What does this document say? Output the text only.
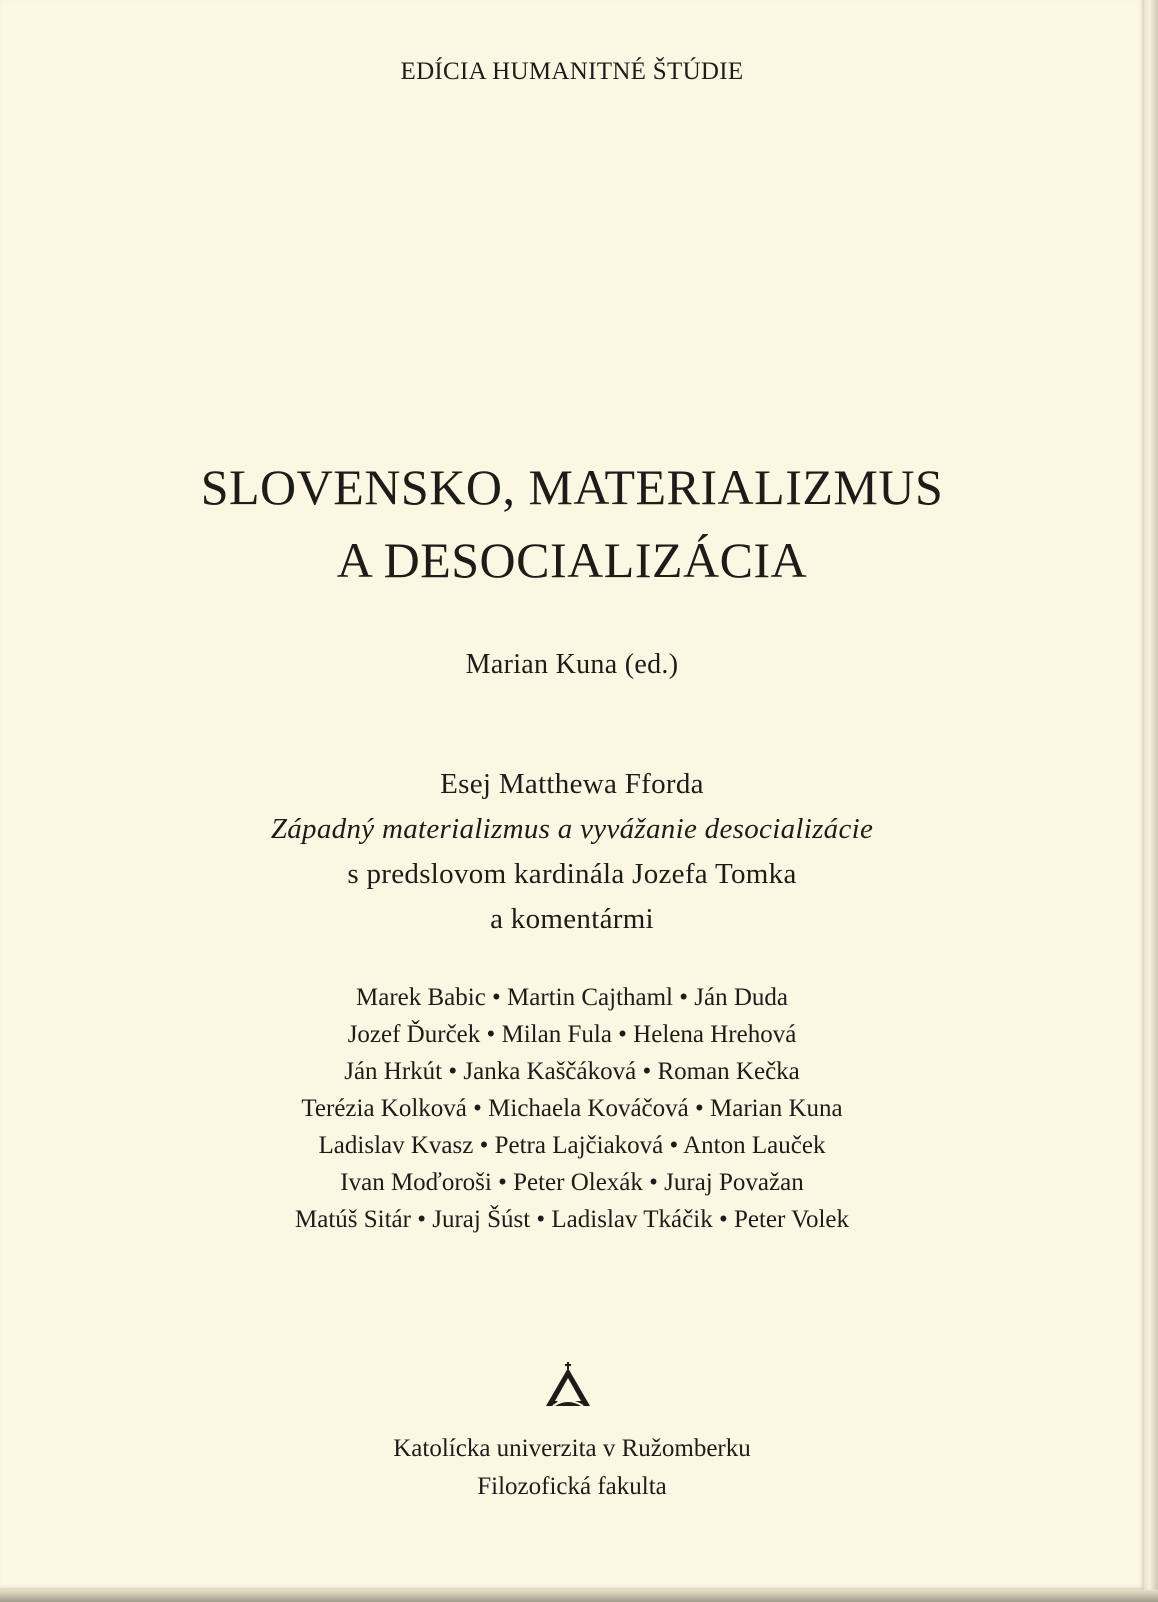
EDÍCIA HUMANITNÉ ŠTÚDIE
SLOVENSKO, MATERIALIZMUS
A DESOCIALIZÁCIA
Marian Kuna (ed.)
Esej Matthewa Fforda
Západný materializmus a vyvážanie desocializácie
s predslovom kardinála Jozefa Tomka
a komentármi
Marek Babic • Martin Cajthaml • Ján Duda
Jozef Ďurček • Milan Fula • Helena Hrehová
Ján Hrkút • Janka Kaščáková • Roman Kečka
Terézia Kolková • Michaela Kováčová • Marian Kuna
Ladislav Kvasz • Petra Lajčiaková • Anton Lauček
Ivan Moďoroši • Peter Olexák • Juraj Považan
Matúš Sitár • Juraj Šúst • Ladislav Tkáčik • Peter Volek
Katolícka univerzita v Ružomberku
Filozofická fakulta
